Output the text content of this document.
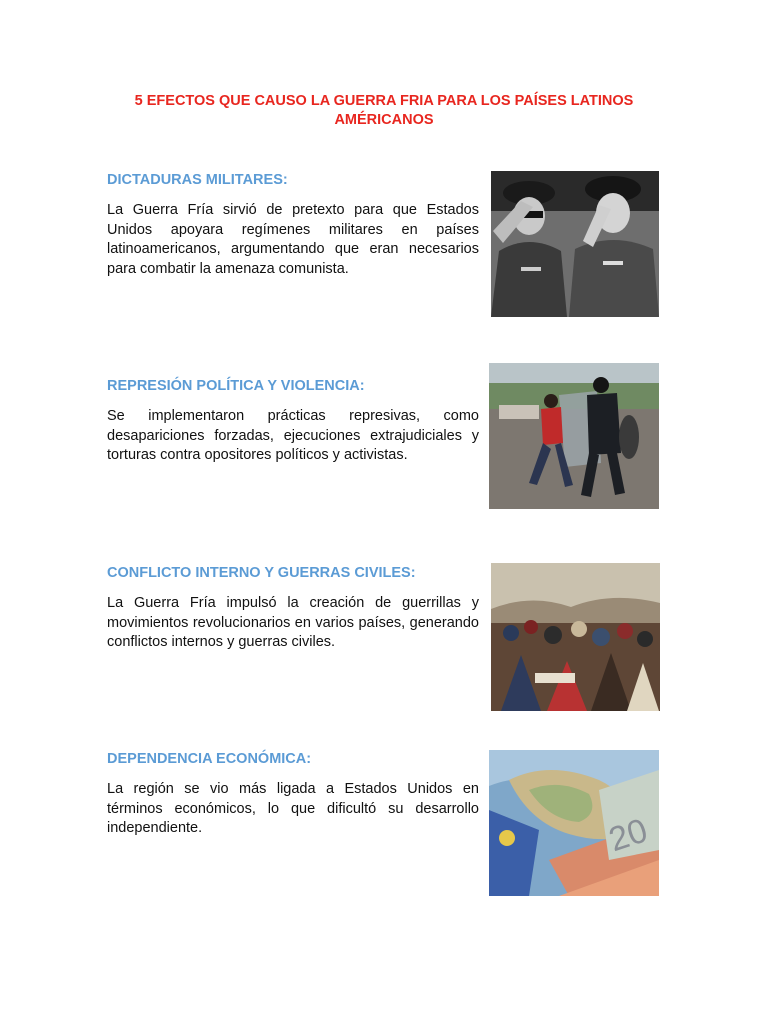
5 EFECTOS QUE CAUSO LA GUERRA FRIA PARA LOS PAÍSES LATINOS AMÉRICANOS
DICTADURAS MILITARES:

La Guerra Fría sirvió de pretexto para que Estados Unidos apoyara regímenes militares en países latinoamericanos, argumentando que eran necesarios para combatir la amenaza comunista.

REPRESIÓN POLÍTICA Y VIOLENCIA:

Se implementaron prácticas represivas, como desapariciones forzadas, ejecuciones extrajudiciales y torturas contra opositores políticos y activistas.

CONFLICTO INTERNO Y GUERRAS CIVILES:

La Guerra Fría impulsó la creación de guerrillas y movimientos revolucionarios en varios países, generando conflictos internos y guerras civiles.

DEPENDENCIA ECONÓMICA:

La región se vio más ligada a Estados Unidos en términos económicos, lo que dificultó su desarrollo independiente.	20
